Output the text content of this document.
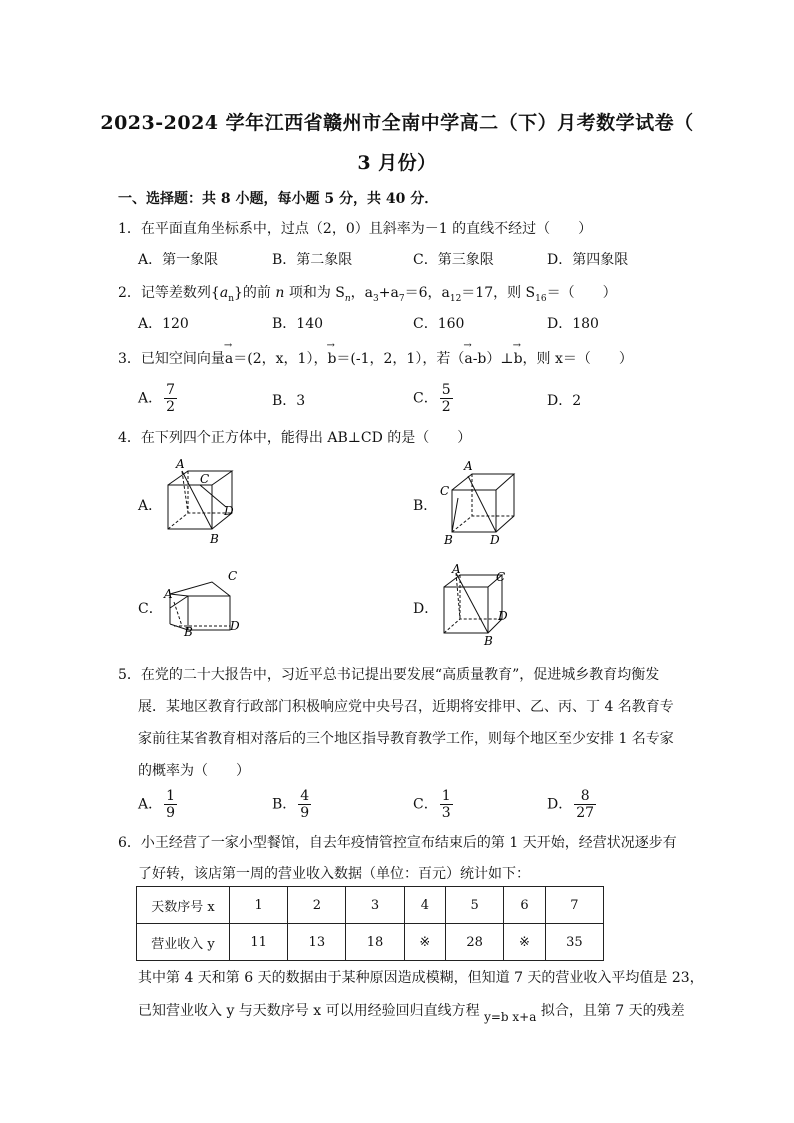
2023-2024 学年江西省赣州市全南中学高二（下）月考数学试卷（
3 月份）
一、选择题：共 8 小题，每小题 5 分，共 40 分．
1．在平面直角坐标系中，过点（2，0）且斜率为－1 的直线不经过（　　）
A．第一象限	B．第二象限	C．第三象限	D．第四象限
2．记等差数列$\{a_n\}$的前 n 项和为 $S_n$，$a_3+a_7=6$，$a_{12}=17$，则 $S_{16}=$（　　）
A．120	B．140	C．160	D．180
3．已知空间向量→ a＝(2，x，1），→ b＝(-1，2，1），若（→ a-b）⊥→ b，则 x＝（　　）
A． $\frac{7}{2}$	B．3	C． $\frac{5}{2}$	D．2
4．在下列四个正方体中，能得出 AB⊥CD 的是（　　）
A．
A
C
D
B
B．
A
C
B	D
C．
C
A
B	D
D．
A
C
D
B
5．在党的二十大报告中，习近平总书记提出要发展“高质量教育”，促进城乡教育均衡发
展．某地区教育行政部门积极响应党中央号召，近期将安排甲、乙、丙、丁 4 名教育专
家前往某省教育相对落后的三个地区指导教育教学工作，则每个地区至少安排 1 名专家
的概率为（　　）
A． $\frac{1}{9}$	B． $\frac{4}{9}$	C． $\frac{1}{3}$	D． $\frac{8}{27}$
6．小王经营了一家小型餐馆，自去年疫情管控宣布结束后的第 1 天开始，经营状况逐步有
了好转，该店第一周的营业收入数据（单位：百元）统计如下：
天数序号 x	1	2	3	4	5	6	7
营业收入 y	11	13	18	※	28	※	35
其中第 4 天和第 6 天的数据由于某种原因造成模糊，但知道 7 天的营业收入平均值是 23，
已知营业收入 y 与天数序号 x 可以用经验回归直线方程 y=b x+a 拟合，且第 7 天的残差
